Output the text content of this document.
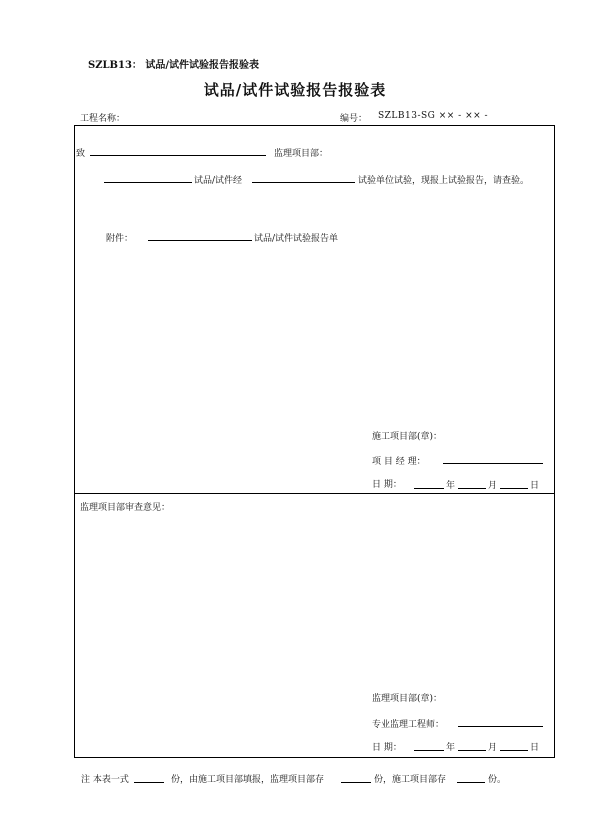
SZLB13： 试品/试件试验报告报验表
试品/试件试验报告报验表
工程名称：	编号： SZLB13-SG ×× - ×× -
致	监理项目部：
试品/试件经	试验单位试验，现报上试验报告，请查验。
附件：	试品/试件试验报告单
施工项目部(章)：
项 目 经 理：
日 期：	年	月	日
监理项目部审查意见：
监理项目部(章)：
专业监理工程师：
日 期：	年	月	日
注 本表一式	份，由施工项目部填报，监理项目部存	份，施工项目部存	份。
